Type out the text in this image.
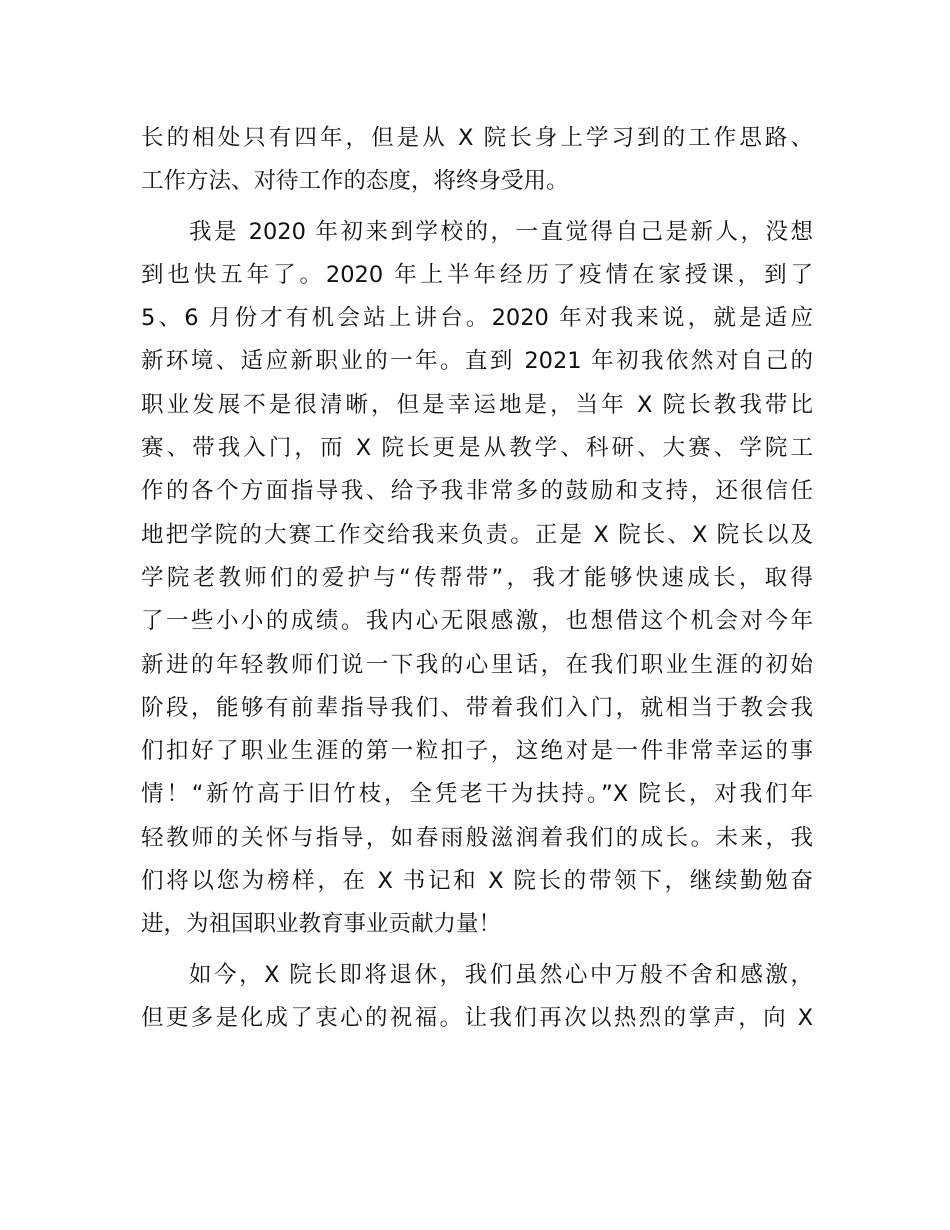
长的相处只有四年，但是从 X 院长身上学习到的工作思路、
工作方法、对待工作的态度，将终身受用。
我是 2020 年初来到学校的，一直觉得自己是新人，没想
到也快五年了。2020 年上半年经历了疫情在家授课，到了
5、6 月份才有机会站上讲台。2020 年对我来说，就是适应
新环境、适应新职业的一年。直到 2021 年初我依然对自己的
职业发展不是很清晰，但是幸运地是，当年 X 院长教我带比
赛、带我入门，而 X 院长更是从教学、科研、大赛、学院工
作的各个方面指导我、给予我非常多的鼓励和支持，还很信任
地把学院的大赛工作交给我来负责。正是 X 院长、X 院长以及
学院老教师们的爱护与“传帮带”，我才能够快速成长，取得
了一些小小的成绩。我内心无限感激，也想借这个机会对今年
新进的年轻教师们说一下我的心里话，在我们职业生涯的初始
阶段，能够有前辈指导我们、带着我们入门，就相当于教会我
们扣好了职业生涯的第一粒扣子，这绝对是一件非常幸运的事
情！“新竹高于旧竹枝，全凭老干为扶持。”X 院长，对我们年
轻教师的关怀与指导，如春雨般滋润着我们的成长。未来，我
们将以您为榜样，在 X 书记和 X 院长的带领下，继续勤勉奋
进，为祖国职业教育事业贡献力量！
如今，X 院长即将退休，我们虽然心中万般不舍和感激，
但更多是化成了衷心的祝福。让我们再次以热烈的掌声，向 X
